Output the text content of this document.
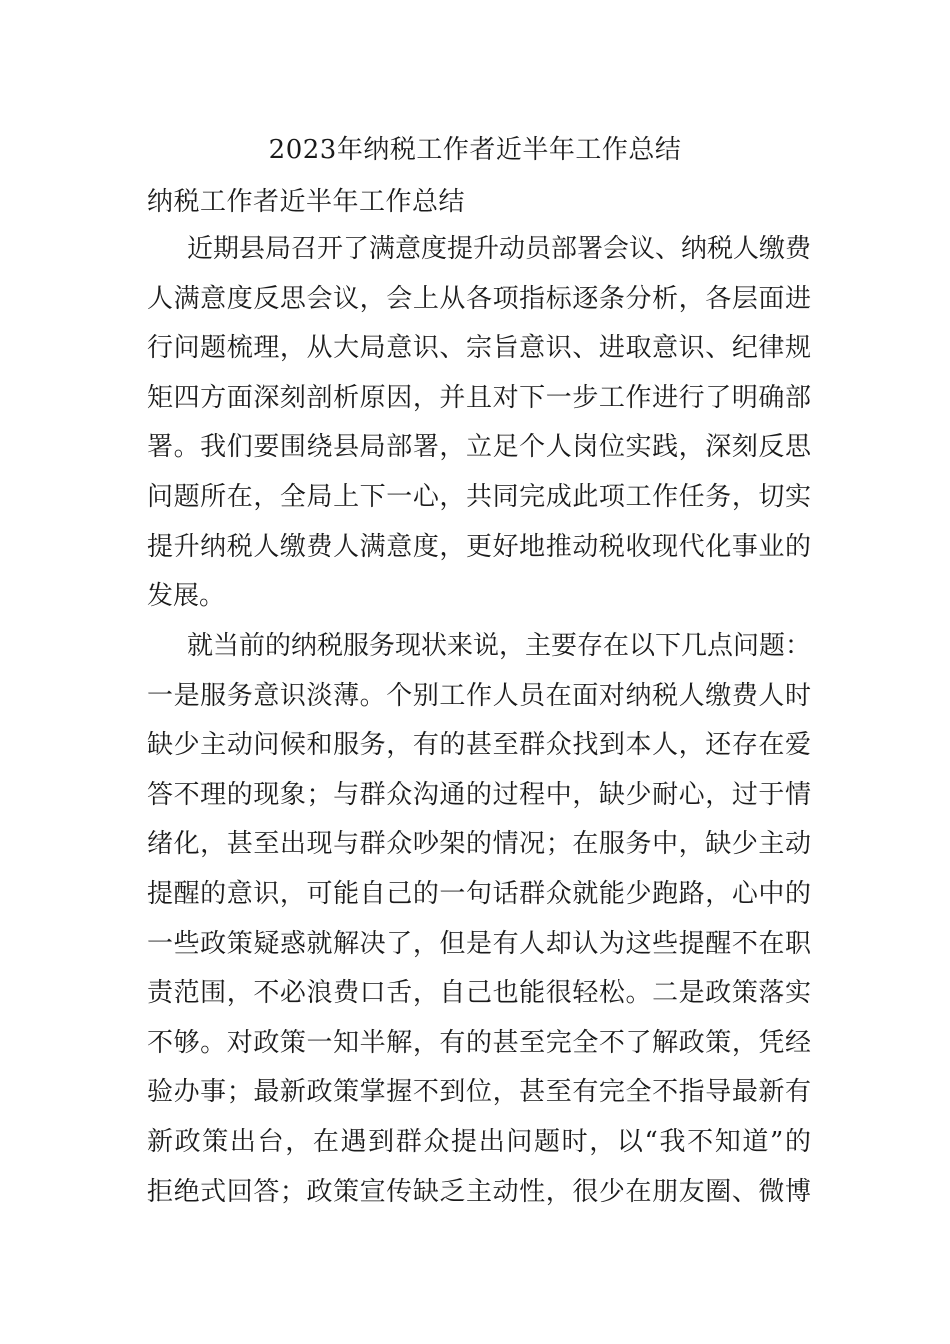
2023年纳税工作者近半年工作总结
纳税工作者近半年工作总结
近期县局召开了满意度提升动员部署会议、纳税人缴费
人满意度反思会议，会上从各项指标逐条分析，各层面进
行问题梳理，从大局意识、宗旨意识、进取意识、纪律规
矩四方面深刻剖析原因，并且对下一步工作进行了明确部
署。我们要围绕县局部署，立足个人岗位实践，深刻反思
问题所在，全局上下一心，共同完成此项工作任务，切实
提升纳税人缴费人满意度，更好地推动税收现代化事业的
发展。
就当前的纳税服务现状来说，主要存在以下几点问题：
一是服务意识淡薄。个别工作人员在面对纳税人缴费人时
缺少主动问候和服务，有的甚至群众找到本人，还存在爱
答不理的现象；与群众沟通的过程中，缺少耐心，过于情
绪化，甚至出现与群众吵架的情况；在服务中，缺少主动
提醒的意识，可能自己的一句话群众就能少跑路，心中的
一些政策疑惑就解决了，但是有人却认为这些提醒不在职
责范围，不必浪费口舌，自己也能很轻松。二是政策落实
不够。对政策一知半解，有的甚至完全不了解政策，凭经
验办事；最新政策掌握不到位，甚至有完全不指导最新有
新政策出台，在遇到群众提出问题时，以“我不知道”的
拒绝式回答；政策宣传缺乏主动性，很少在朋友圈、微博
